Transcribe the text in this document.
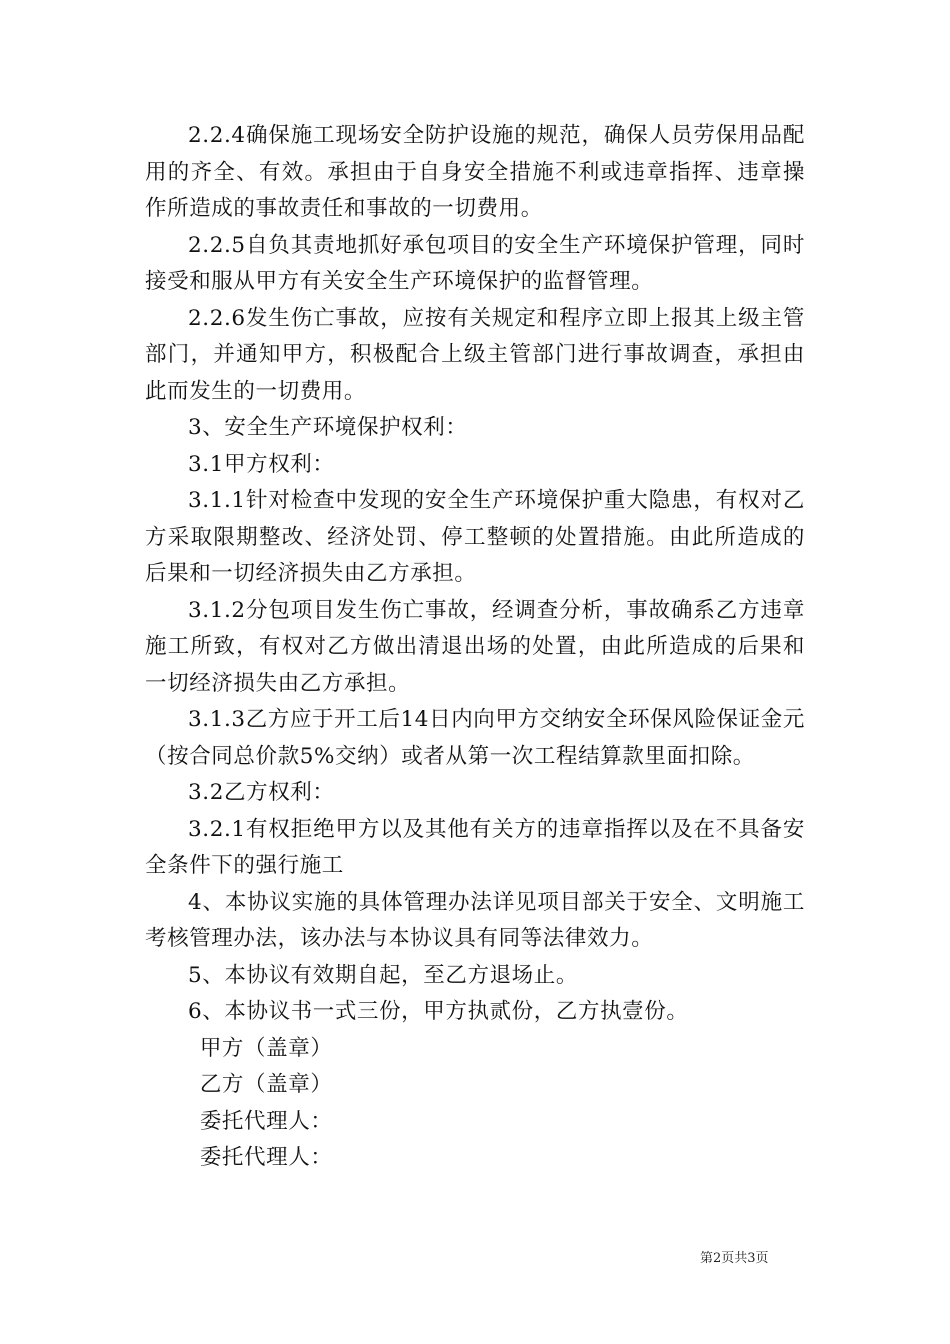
2.2.4确保施工现场安全防护设施的规范，确保人员劳保用品配用的齐全、有效。承担由于自身安全措施不利或违章指挥、违章操作所造成的事故责任和事故的一切费用。

2.2.5自负其责地抓好承包项目的安全生产环境保护管理，同时接受和服从甲方有关安全生产环境保护的监督管理。

2.2.6发生伤亡事故，应按有关规定和程序立即上报其上级主管部门，并通知甲方，积极配合上级主管部门进行事故调查，承担由此而发生的一切费用。

3、安全生产环境保护权利：

3.1甲方权利：

3.1.1针对检查中发现的安全生产环境保护重大隐患，有权对乙方采取限期整改、经济处罚、停工整顿的处置措施。由此所造成的后果和一切经济损失由乙方承担。

3.1.2分包项目发生伤亡事故，经调查分析，事故确系乙方违章施工所致，有权对乙方做出清退出场的处置，由此所造成的后果和一切经济损失由乙方承担。

3.1.3乙方应于开工后14日内向甲方交纳安全环保风险保证金元（按合同总价款5%交纳）或者从第一次工程结算款里面扣除。

3.2乙方权利：

3.2.1有权拒绝甲方以及其他有关方的违章指挥以及在不具备安全条件下的强行施工

4、本协议实施的具体管理办法详见项目部关于安全、文明施工考核管理办法，该办法与本协议具有同等法律效力。

5、本协议有效期自起，至乙方退场止。

6、本协议书一式三份，甲方执贰份，乙方执壹份。

甲方（盖章）

乙方（盖章）

委托代理人：

委托代理人：

第2页共3页
